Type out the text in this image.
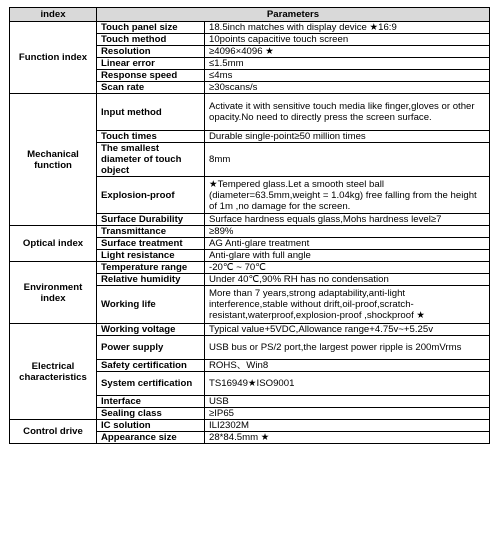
index	Parameters	
Function index	Touch panel size	18.5inch matches with display device ★16:9
	Touch method	10points capacitive touch screen
	Resolution	≥4096×4096 ★
	Linear error	≤1.5mm
	Response speed	≤4ms
	Scan rate	≥30scans/s
Mechanical function	Input method	Activate it with sensitive touch media like finger,gloves or other opacity.No need to directly press the screen surface.
	Touch times	Durable single-point≥50 million times
	The smallest diameter of touch object	8mm
	Explosion-proof	★Tempered glass.Let a smooth steel ball (diameter=63.5mm,weight = 1.04kg) free falling from the height of 1m ,no damage for the screen.
	Surface Durability	Surface hardness equals glass,Mohs hardness level≥7
Optical index	Transmittance	≥89%
	Surface treatment	AG Anti-glare treatment
	Light resistance	Anti-glare with full angle
Environment index	Temperature range	-20℃ ~ 70℃
	Relative humidity	Under 40℃,90% RH has no condensation
	Working life	More than 7 years,strong adaptability,anti-light interference,stable without drift,oil-proof,scratch-resistant,waterproof,explosion-proof ,shockproof ★
Electrical characteristics	Working voltage	Typical value+5VDC,Allowance range+4.75v~+5.25v
	Power supply	USB bus or PS/2 port,the largest power ripple is 200mVrms
	Safety certification	ROHS、Win8
	System certification	TS16949★ISO9001
	Interface	USB
	Sealing class	≥IP65
Control drive	IC solution	ILI2302M
	Appearance size	28*84.5mm ★
